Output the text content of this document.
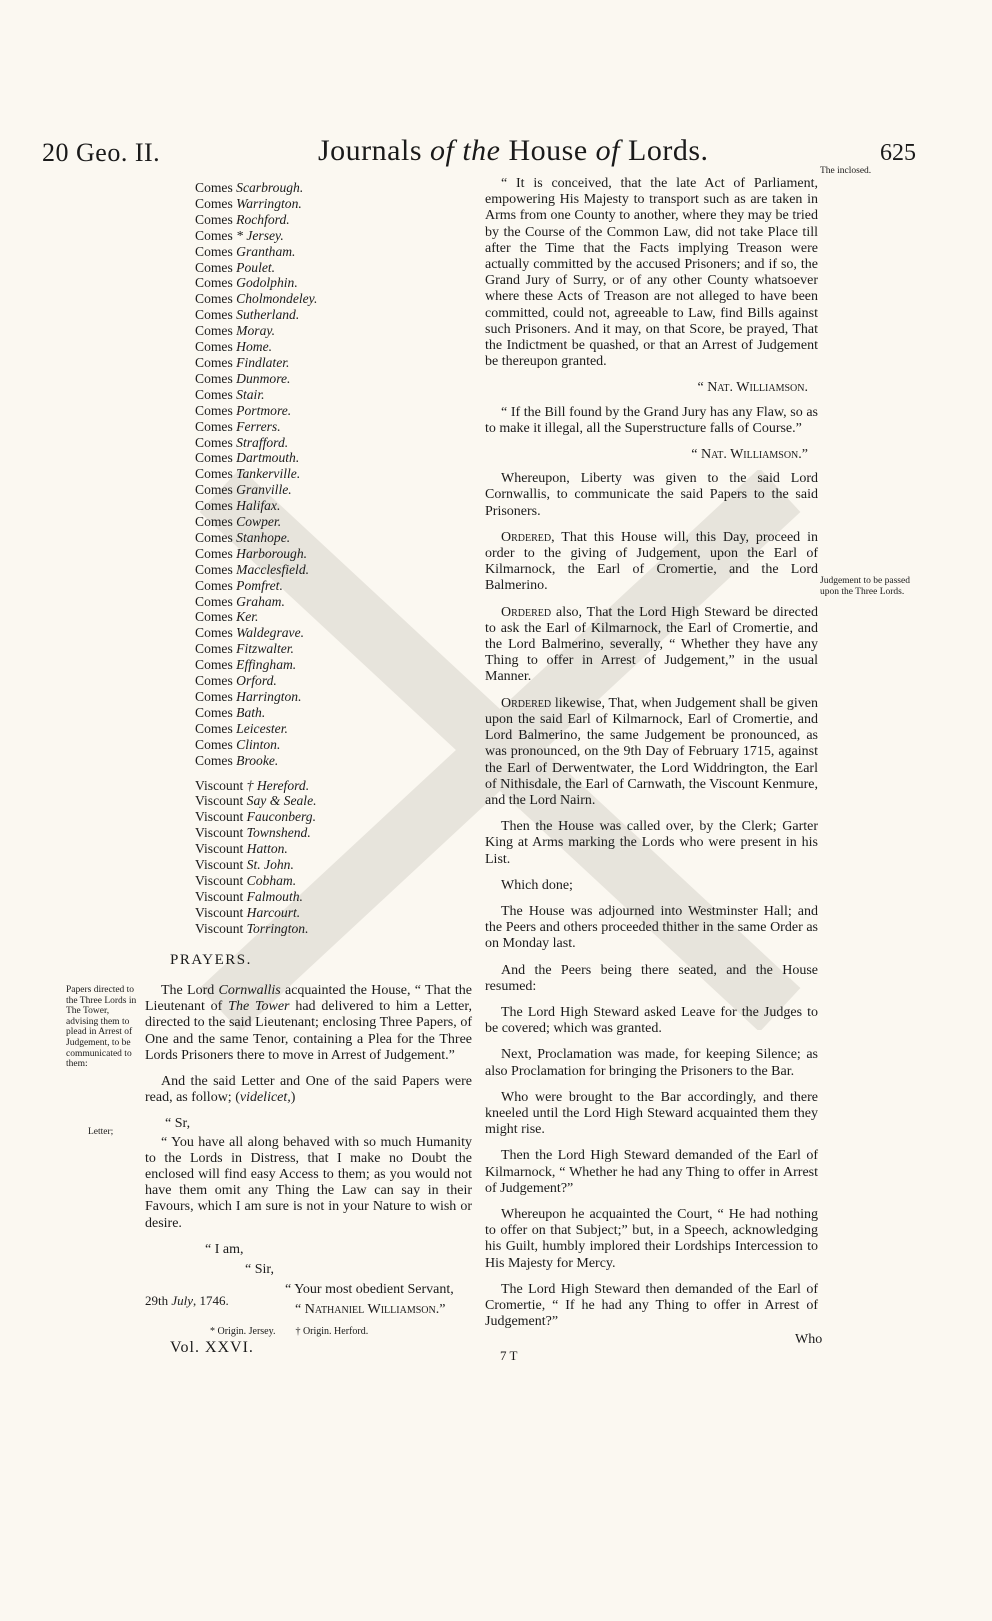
20 Geo. II.	Journals of the House of Lords.	625
Comes Scarbrough.
Comes Warrington.
Comes Rochford.
Comes * Jersey.
Comes Grantham.
Comes Poulet.
Comes Godolphin.
Comes Cholmondeley.
Comes Sutherland.
Comes Moray.
Comes Home.
Comes Findlater.
Comes Dunmore.
Comes Stair.
Comes Portmore.
Comes Ferrers.
Comes Strafford.
Comes Dartmouth.
Comes Tankerville.
Comes Granville.
Comes Halifax.
Comes Cowper.
Comes Stanhope.
Comes Harborough.
Comes Macclesfield.
Comes Pomfret.
Comes Graham.
Comes Ker.
Comes Waldegrave.
Comes Fitzwalter.
Comes Effingham.
Comes Orford.
Comes Harrington.
Comes Bath.
Comes Leicester.
Comes Clinton.
Comes Brooke.
Viscount † Hereford.
Viscount Say & Seale.
Viscount Fauconberg.
Viscount Townshend.
Viscount Hatton.
Viscount St. John.
Viscount Cobham.
Viscount Falmouth.
Viscount Harcourt.
Viscount Torrington.
PRAYERS.
Papers directed to the Three Lords in The Tower, advising them to plead in Arrest of Judgement, to be communicated to them:
Letter;

The Lord Cornwallis acquainted the House, “ That the Lieutenant of The Tower had delivered to him a Letter, directed to the said Lieutenant; enclosing Three Papers, of One and the same Tenor, containing a Plea for the Three Lords Prisoners there to move in Arrest of Judgement.”

And the said Letter and One of the said Papers were read, as follow; (videlicet,)

“ Sr,

“ You have all along behaved with so much Humanity to the Lords in Distress, that I make no Doubt the enclosed will find easy Access to them; as you would not have them omit any Thing the Law can say in their Favours, which I am sure is not in your Nature to wish or desire.

“ I am,

“ Sir,

“ Your most obedient Servant,

“ Nathaniel Williamson.”

29th July, 1746.
* Origin. Jersey. † Origin. Herford.
Vol. XXVI.
The inclosed.
Judgement to be passed upon the Three Lords.

“ It is conceived, that the late Act of Parliament, empowering His Majesty to transport such as are taken in Arms from one County to another, where they may be tried by the Course of the Common Law, did not take Place till after the Time that the Facts implying Treason were actually committed by the accused Prisoners; and if so, the Grand Jury of Surry, or of any other County whatsoever where these Acts of Treason are not alleged to have been committed, could not, agreeable to Law, find Bills against such Prisoners. And it may, on that Score, be prayed, That the Indictment be quashed, or that an Arrest of Judgement be thereupon granted.

“ Nat. Williamson.

“ If the Bill found by the Grand Jury has any Flaw, so as to make it illegal, all the Superstructure falls of Course.”

“ Nat. Williamson.”

Whereupon, Liberty was given to the said Lord Cornwallis, to communicate the said Papers to the said Prisoners.

Ordered, That this House will, this Day, proceed in order to the giving of Judgement, upon the Earl of Kilmarnock, the Earl of Cromertie, and the Lord Balmerino.

Ordered also, That the Lord High Steward be directed to ask the Earl of Kilmarnock, the Earl of Cromertie, and the Lord Balmerino, severally, “ Whether they have any Thing to offer in Arrest of Judgement,” in the usual Manner.

Ordered likewise, That, when Judgement shall be given upon the said Earl of Kilmarnock, Earl of Cromertie, and Lord Balmerino, the same Judgement be pronounced, as was pronounced, on the 9th Day of February 1715, against the Earl of Derwentwater, the Lord Widdrington, the Earl of Nithisdale, the Earl of Carnwath, the Viscount Kenmure, and the Lord Nairn.

Then the House was called over, by the Clerk; Garter King at Arms marking the Lords who were present in his List.

Which done;

The House was adjourned into Westminster Hall; and the Peers and others proceeded thither in the same Order as on Monday last.

And the Peers being there seated, and the House resumed:

The Lord High Steward asked Leave for the Judges to be covered; which was granted.

Next, Proclamation was made, for keeping Silence; as also Proclamation for bringing the Prisoners to the Bar.

Who were brought to the Bar accordingly, and there kneeled until the Lord High Steward acquainted them they might rise.

Then the Lord High Steward demanded of the Earl of Kilmarnock, “ Whether he had any Thing to offer in Arrest of Judgement?”

Whereupon he acquainted the Court, “ He had nothing to offer on that Subject;” but, in a Speech, acknowledging his Guilt, humbly implored their Lordships Intercession to His Majesty for Mercy.

The Lord High Steward then demanded of the Earl of Cromertie, “ If he had any Thing to offer in Arrest of Judgement?”

7 T
Who
